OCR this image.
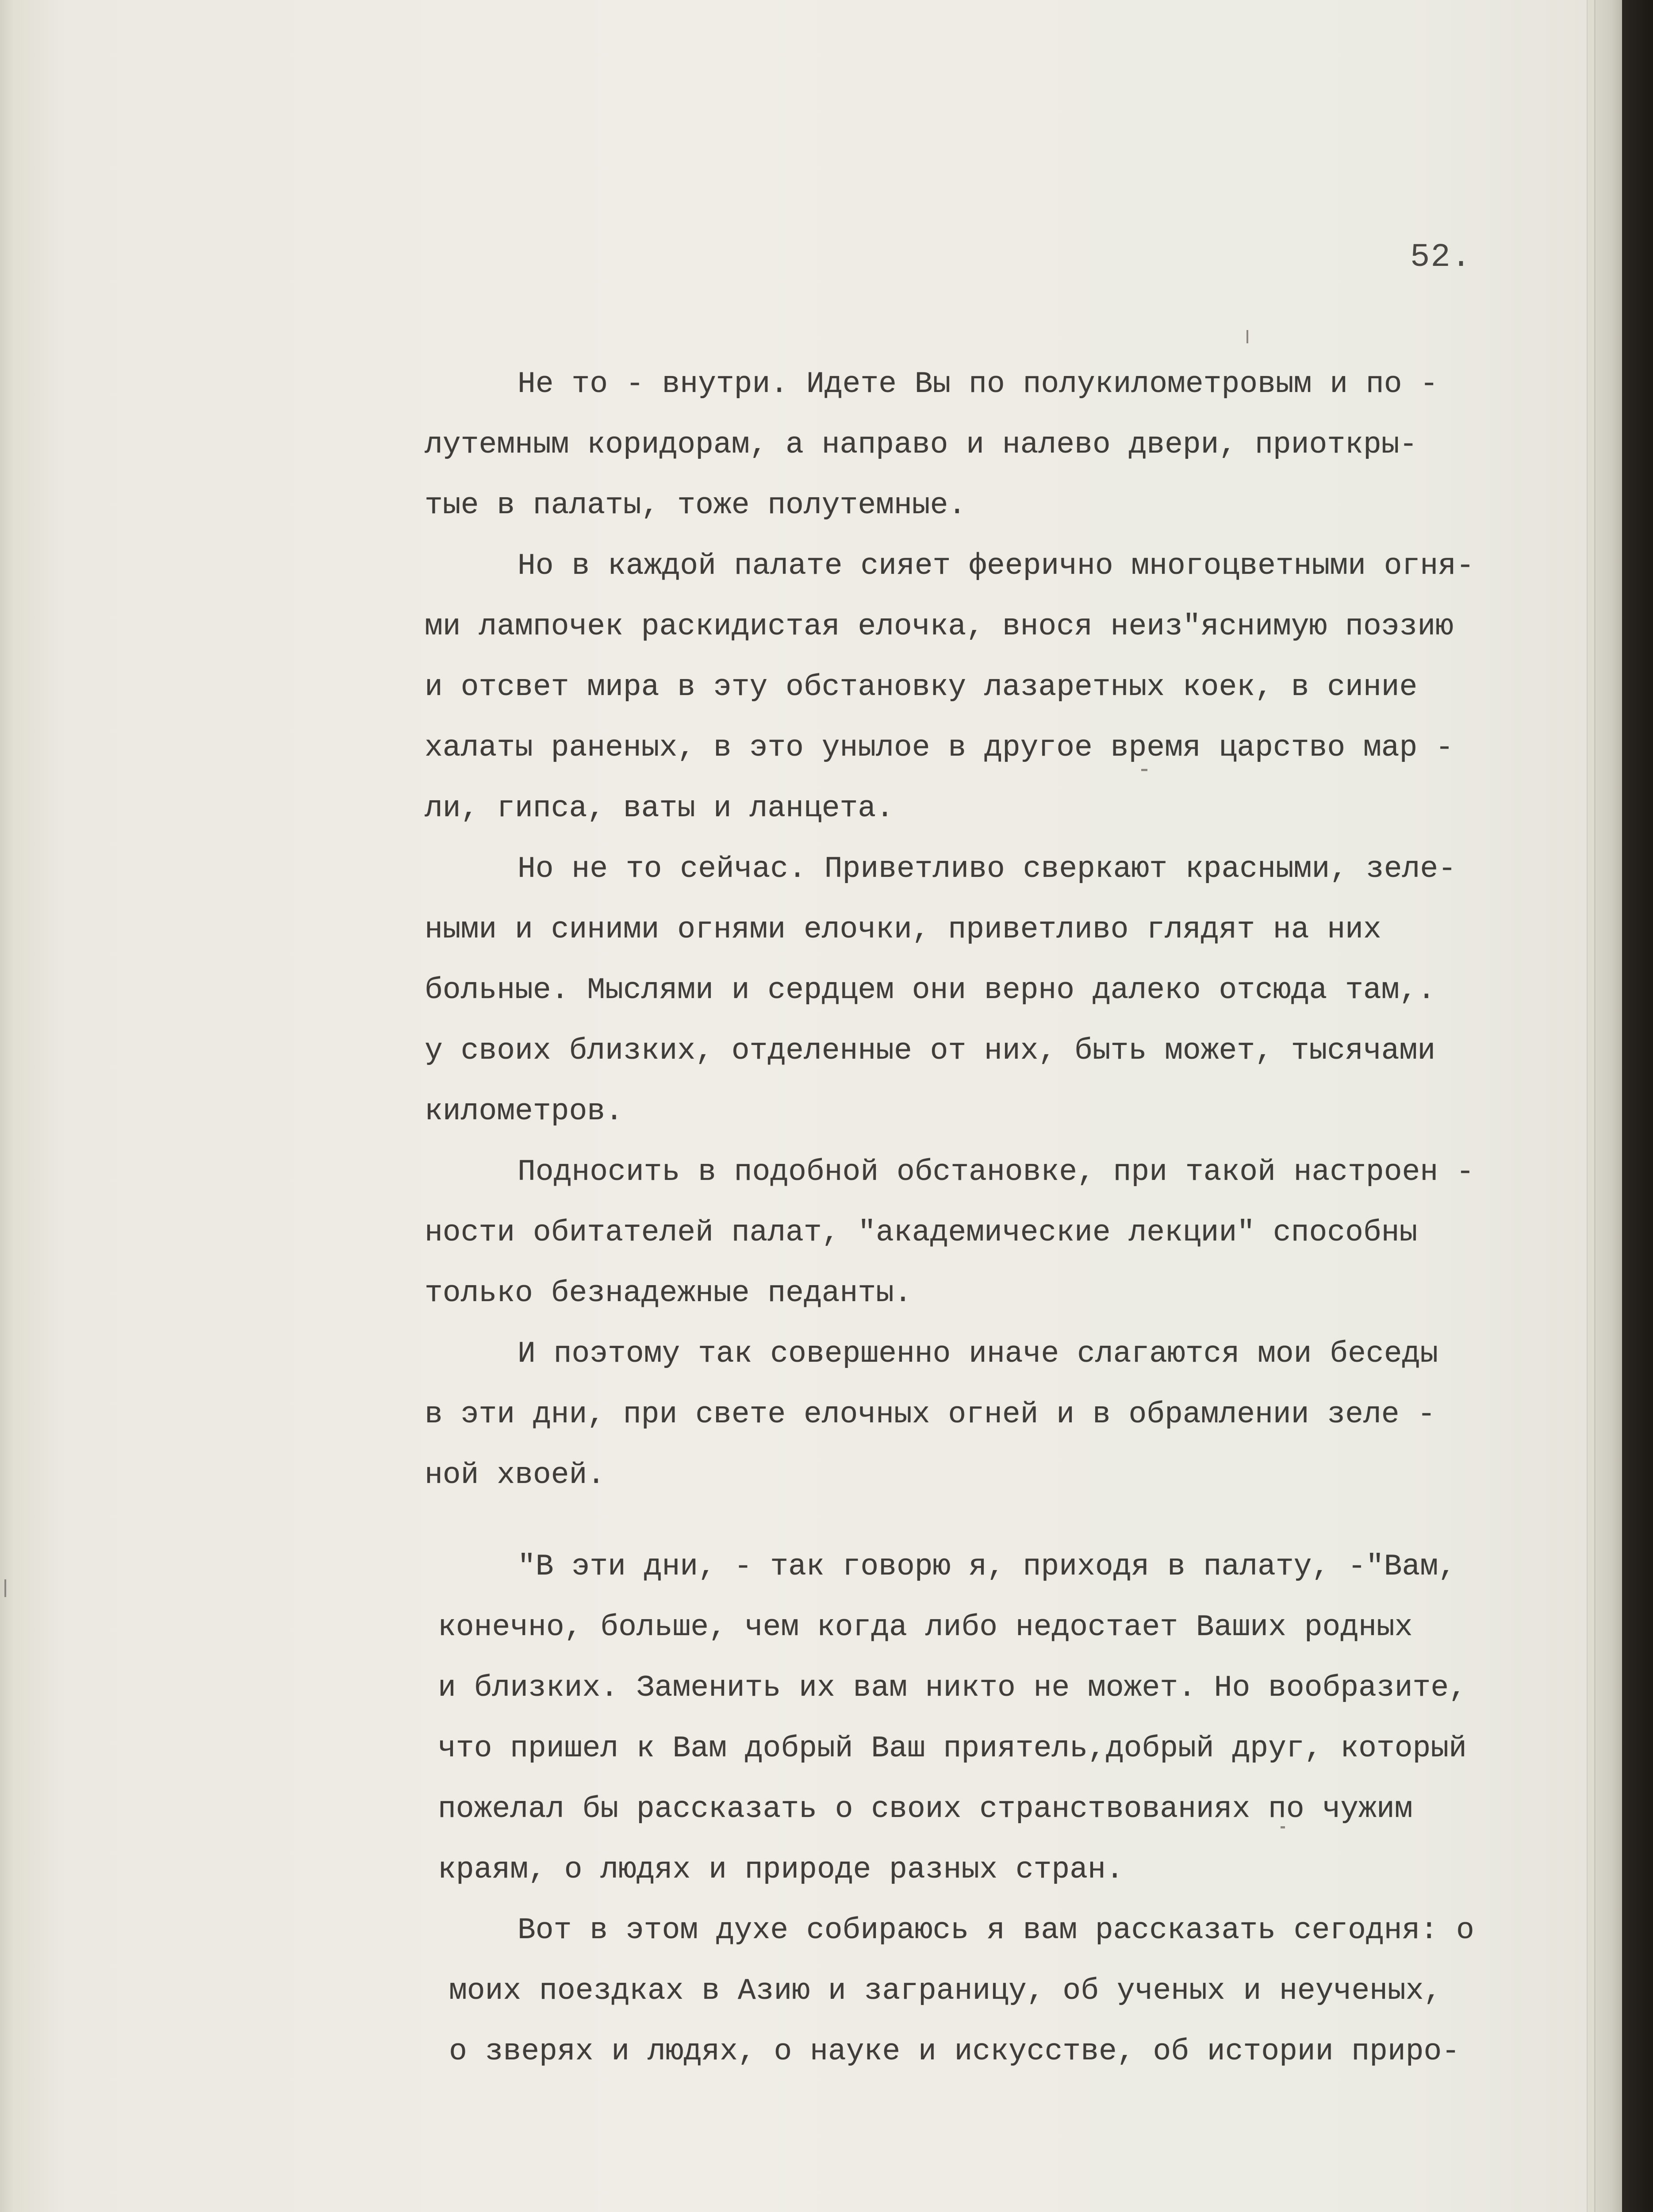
52.
Не то - внутри. Идете Вы по полукилометровым и по -
лутемным коридорам, а направо и налево двери, приоткры-
тые в палаты, тоже полутемные.
Но в каждой палате сияет феерично многоцветными огня-
ми лампочек раскидистая елочка, внося неиз"яснимую поэзию
и отсвет мира в эту обстановку лазаретных коек, в синие
халаты раненых, в это унылое в другое время царство мар -
ли, гипса, ваты и ланцета.
Но не то сейчас. Приветливо сверкают красными, зеле-
ными и синими огнями елочки, приветливо глядят на них
больные. Мыслями и сердцем они верно далеко отсюда там,.
у своих близких, отделенные от них, быть может, тысячами
километров.
Подносить в подобной обстановке, при такой настроен -
ности обитателей палат, "академические лекции" способны
только безнадежные педанты.
И поэтому так совершенно иначе слагаются мои беседы
в эти дни, при свете елочных огней и в обрамлении зеле -
ной хвоей.
"В эти дни, - так говорю я, приходя в палату, -"Вам,
конечно, больше, чем когда либо недостает Ваших родных
и близких. Заменить их вам никто не может. Но вообразите,
что пришел к Вам добрый Ваш приятель,добрый друг, который
пожелал бы рассказать о своих странствованиях по чужим
краям, о людях и природе разных стран.
Вот в этом духе собираюсь я вам рассказать сегодня: о
моих поездках в Азию и заграницу, об ученых и неученых,
о зверях и людях, о науке и искусстве, об истории приро-
